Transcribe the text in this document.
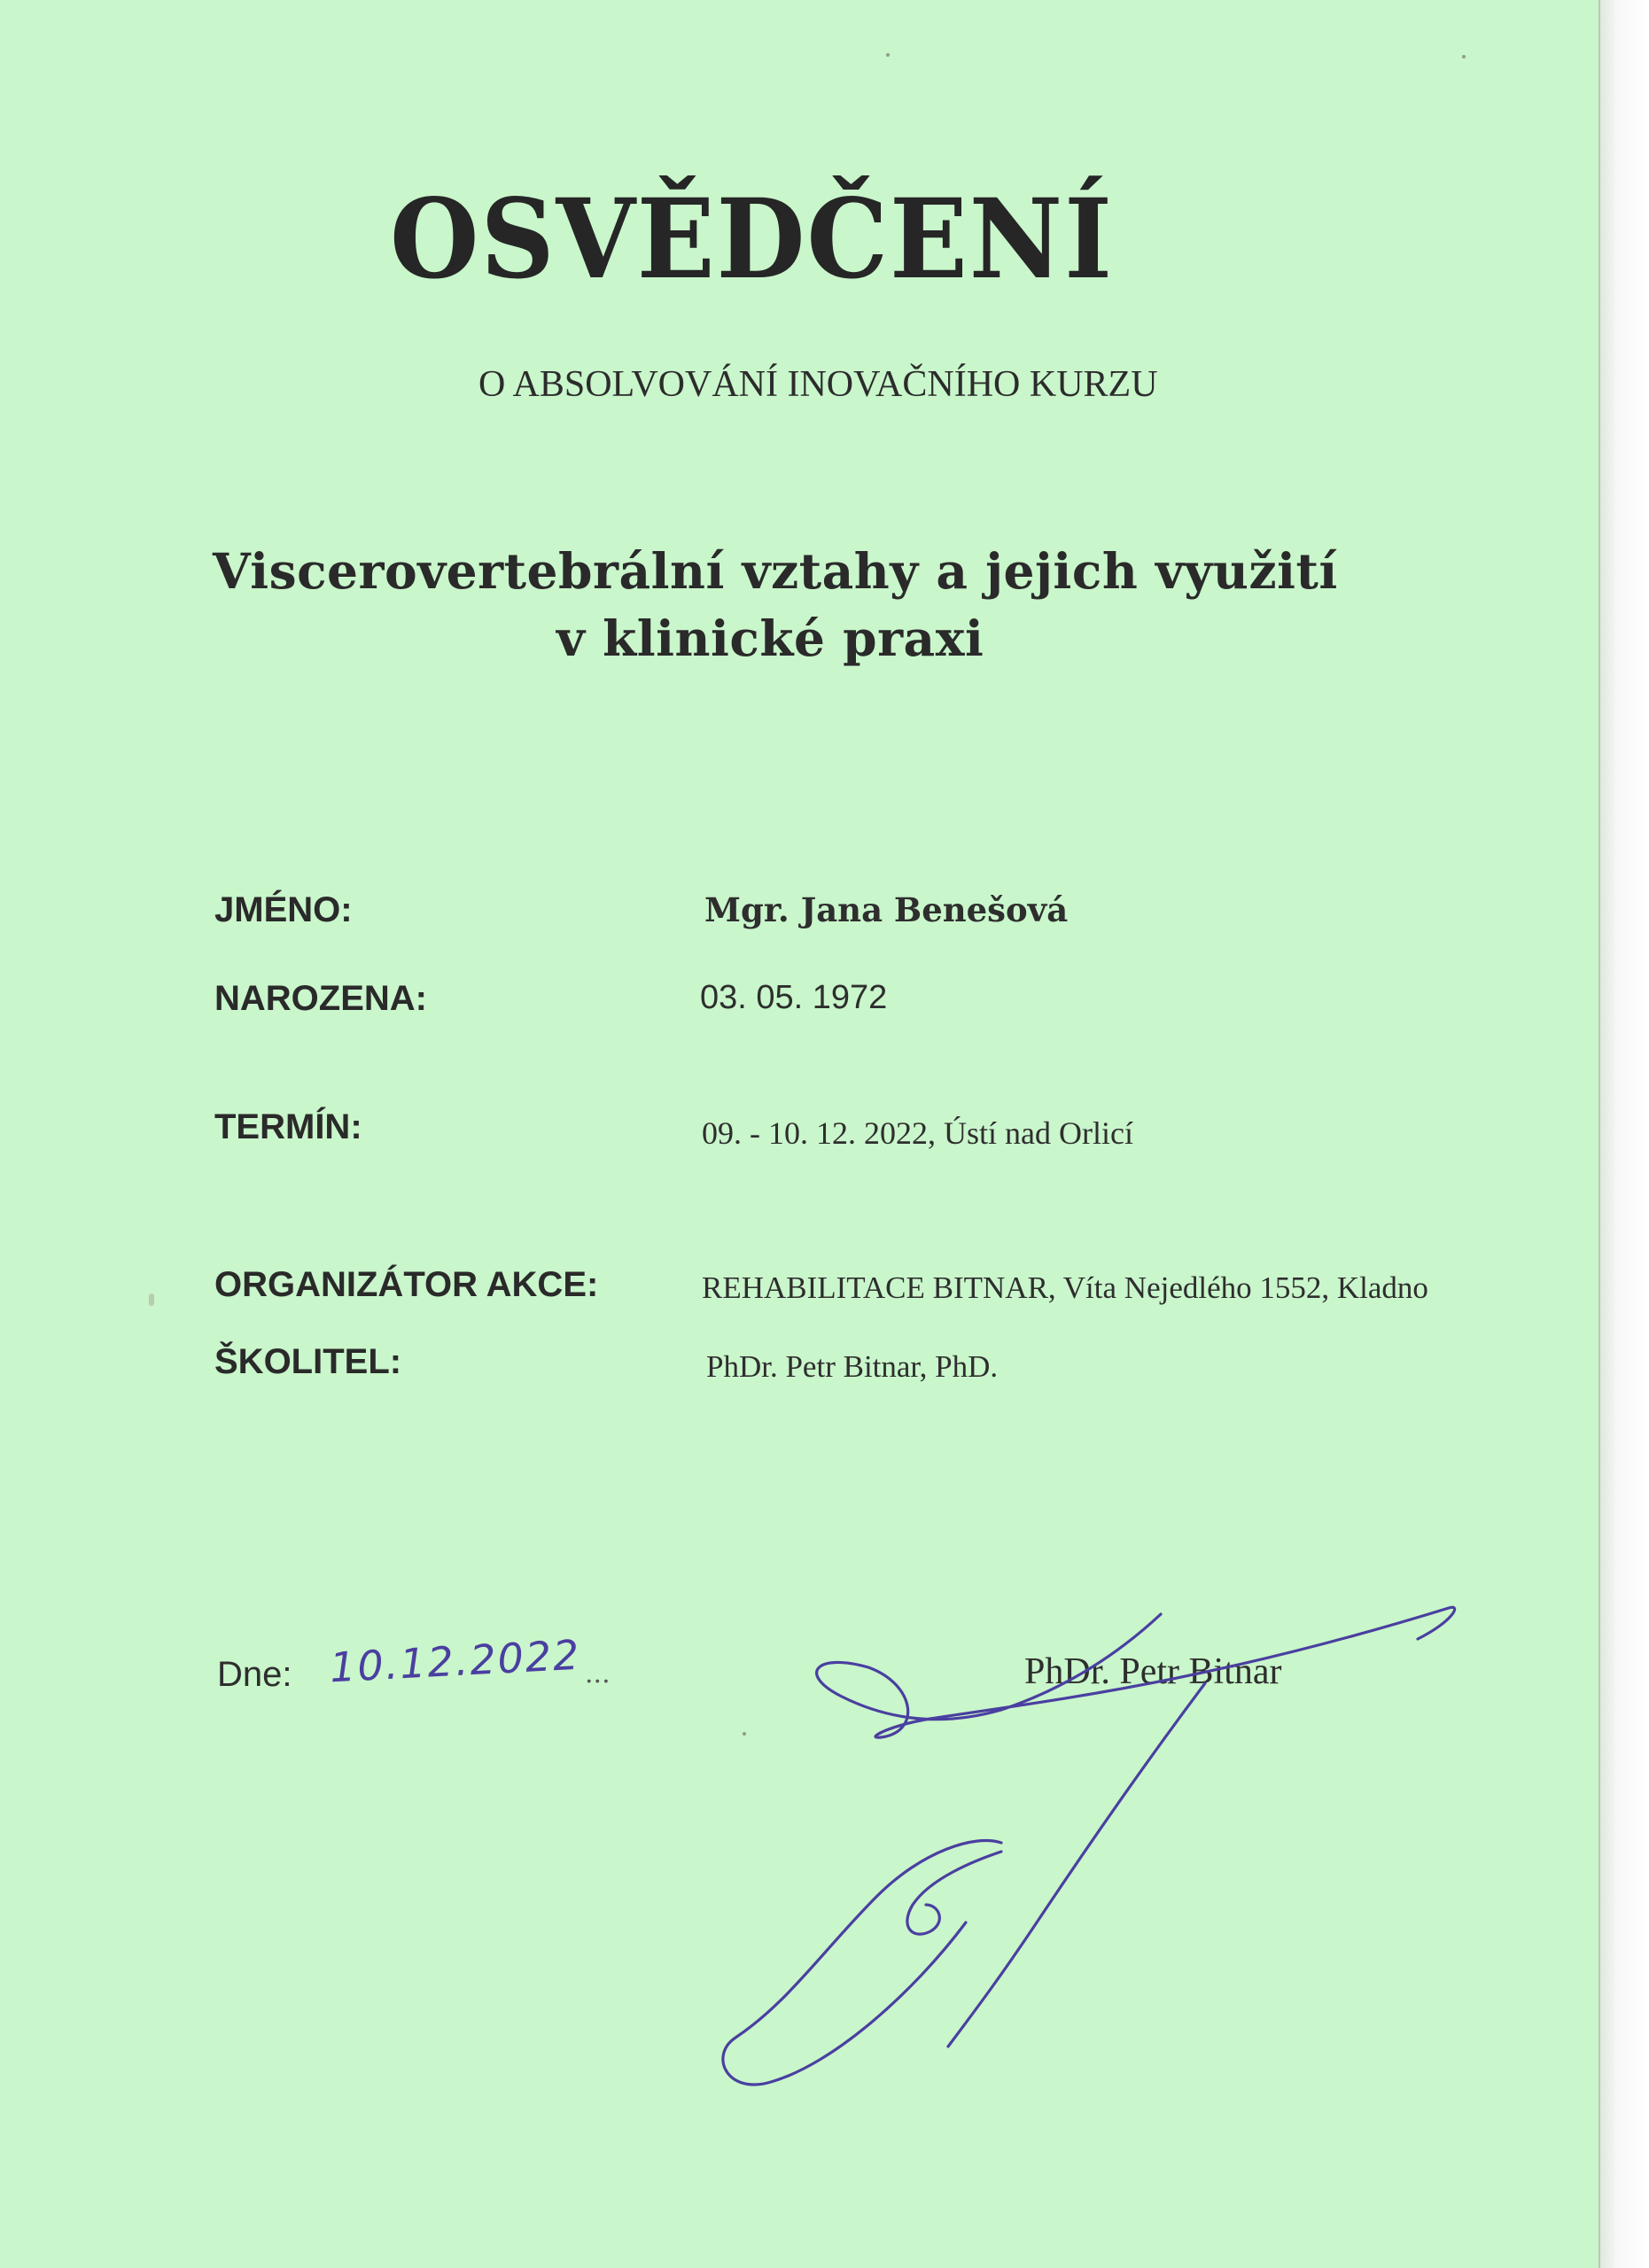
OSVĚDČENÍ
O ABSOLVOVÁNÍ INOVAČNÍHO KURZU
Viscerovertebrální vztahy a jejich využití
v klinické praxi
JMÉNO:	Mgr. Jana Benešová
NAROZENA:	03. 05. 1972
TERMÍN:	09. - 10. 12. 2022, Ústí nad Orlicí
ORGANIZÁTOR AKCE:	REHABILITACE BITNAR, Víta Nejedlého 1552, Kladno
ŠKOLITEL:	PhDr. Petr Bitnar, PhD.
Dne: 10.12.2022 ...	PhDr. Petr Bitnar
